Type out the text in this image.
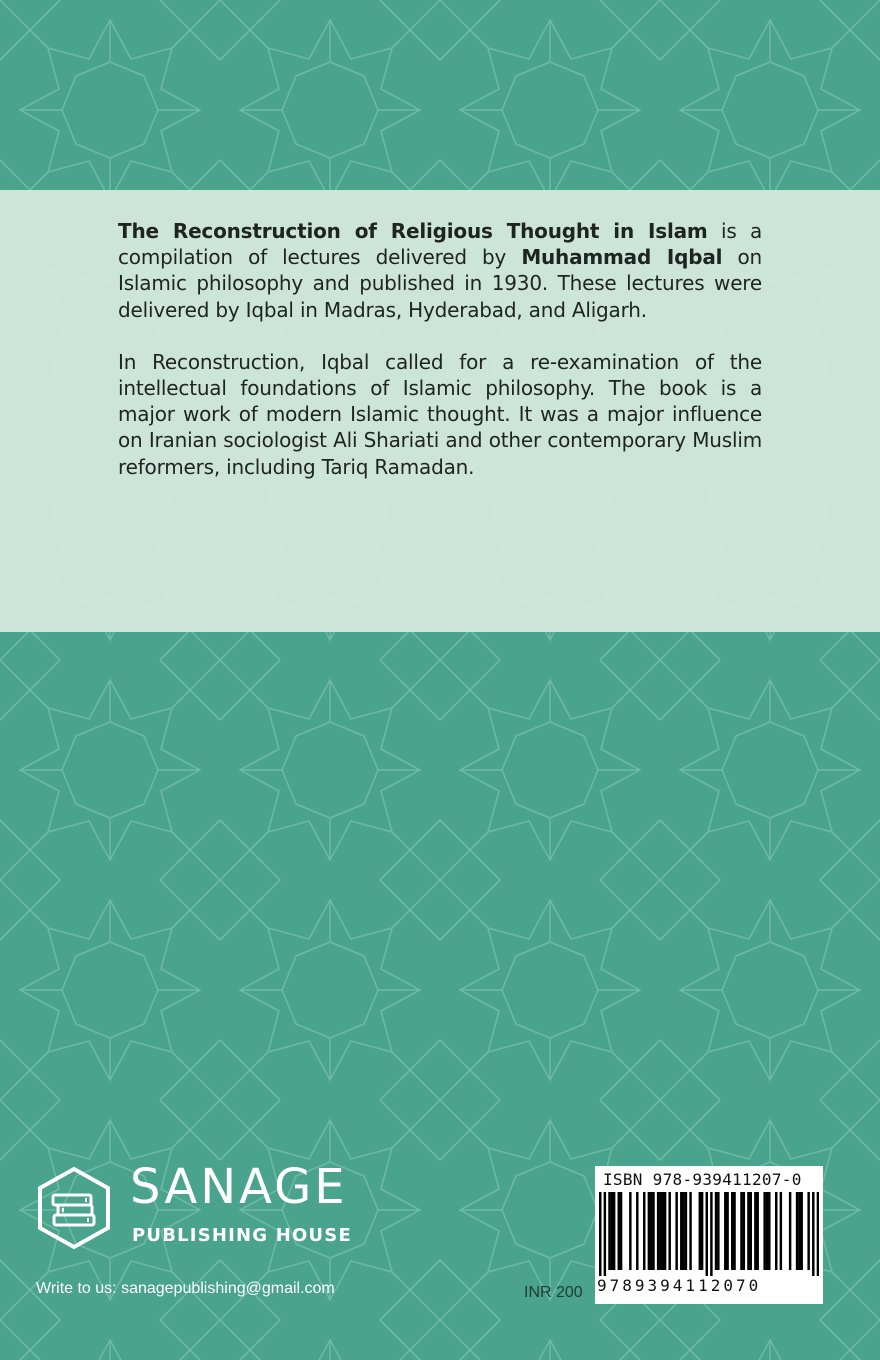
The Reconstruction of Religious Thought in Islam is a compilation of lectures delivered by Muhammad Iqbal on Islamic philosophy and published in 1930. These lectures were delivered by Iqbal in Madras, Hyderabad, and Aligarh.

In Reconstruction, Iqbal called for a re-examination of the intellectual foundations of Islamic philosophy. The book is a major work of modern Islamic thought. It was a major influence on Iranian sociologist Ali Shariati and other contemporary Muslim reformers, including Tariq Ramadan.

SANAGE
PUBLISHING HOUSE
Write to us: sanagepublishing@gmail.com	INR 200
ISBN 978-939411207-0
9789394112070
